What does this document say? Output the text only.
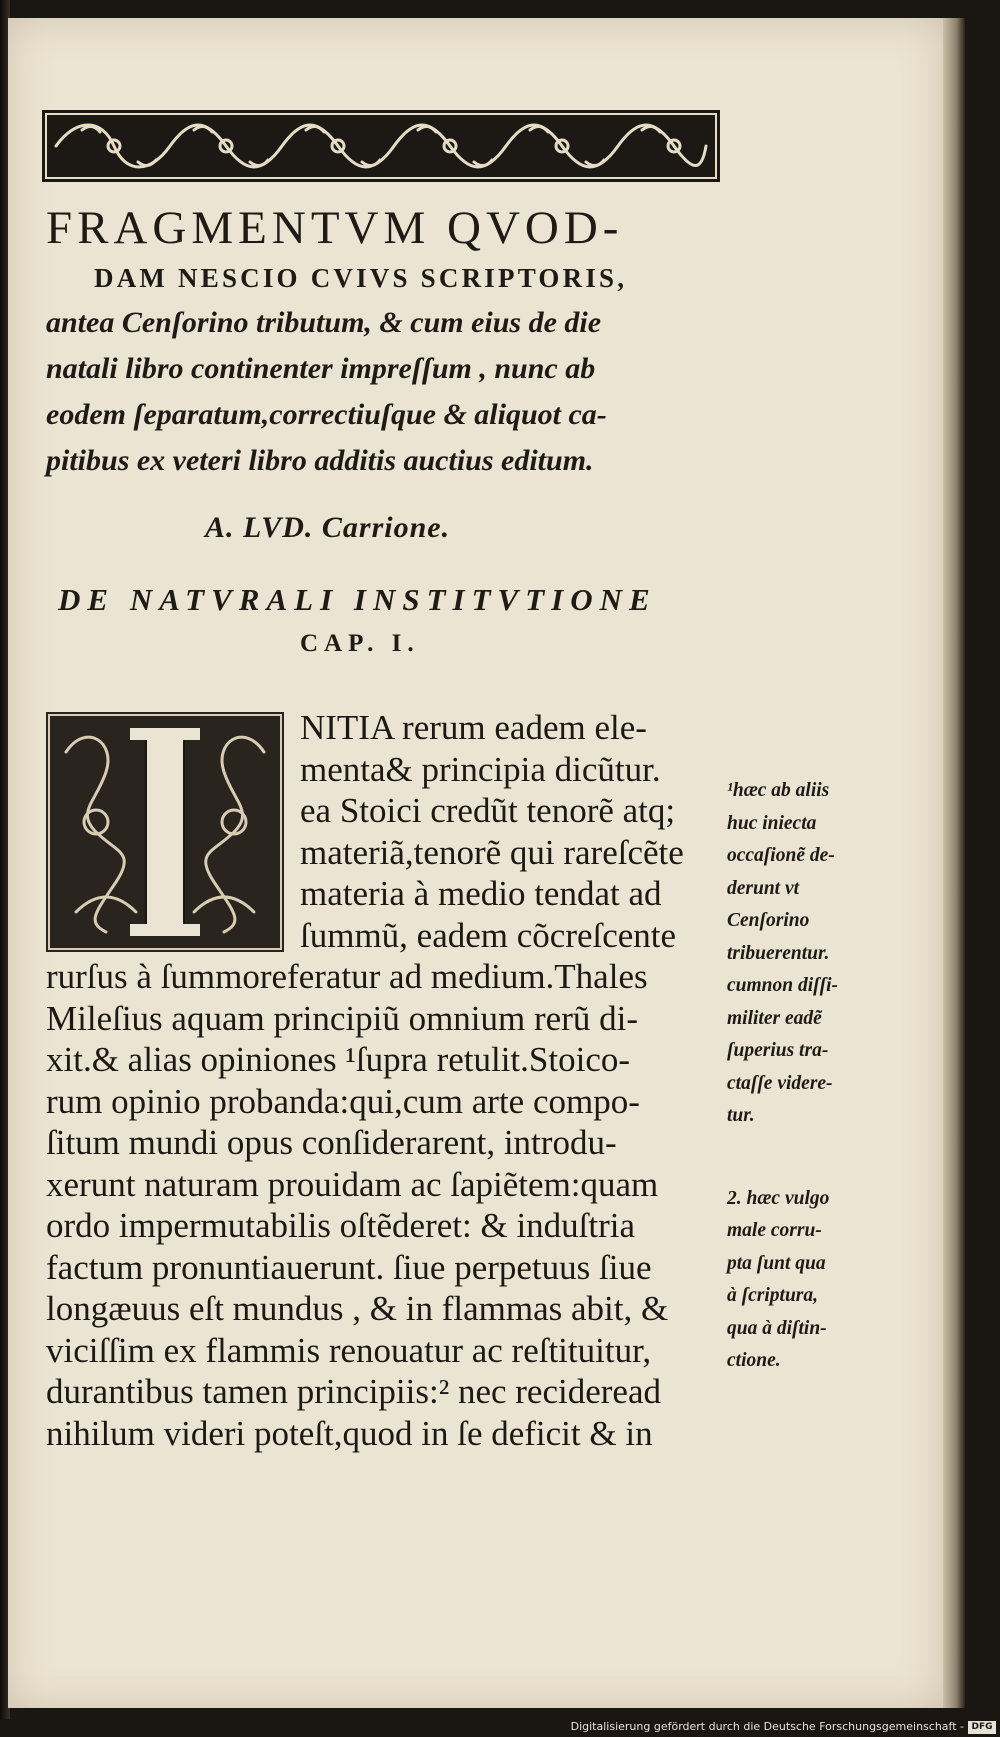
FRAGMENTVM QVOD-
DAM NESCIO CVIVS SCRIPTORIS,
antea Cenſorino tributum, & cum eius de die
natali libro continenter impreſſum , nunc ab
eodem ſeparatum,correctiuſque & aliquot ca-
pitibus ex veteri libro additis auctius editum.
A. LVD. Carrione.
DE NATVRALI INSTITVTIONE
CAP. I.
NITIA rerum eadem ele-
menta& principia dicũtur.
ea Stoici credũt tenorẽ atq;
materiã,tenorẽ qui rareſcẽte
materia à medio tendat ad
ſummũ, eadem cõcreſcente
rurſus à ſummoreferatur ad medium.Thales
Mileſius aquam principiũ omnium rerũ di-
xit.& alias opiniones ¹ſupra retulit.Stoico-
rum opinio probanda:qui,cum arte compo-
ſitum mundi opus conſiderarent, introdu-
xerunt naturam prouidam ac ſapiẽtem:quam
ordo impermutabilis oſtẽderet: & induſtria
factum pronuntiauerunt. ſiue perpetuus ſiue
longæuus eſt mundus , & in flammas abit, &
viciſſim ex flammis renouatur ac reſtituitur,
durantibus tamen principiis:² nec recideread
nihilum videri poteſt,quod in ſe deficit & in
¹hæc ab aliis
huc iniecta
occaſionẽ de-
derunt vt
Cenſorino
tribuerentur.
cumnon diſſi-
militer eadẽ
ſuperius tra-
ctaſſe videre-
tur.
2. hæc vulgo
male corru-
pta ſunt qua
à ſcriptura,
qua à diſtin-
ctione.
Digitalisierung gefördert durch die Deutsche Forschungsgemeinschaft - DFG
